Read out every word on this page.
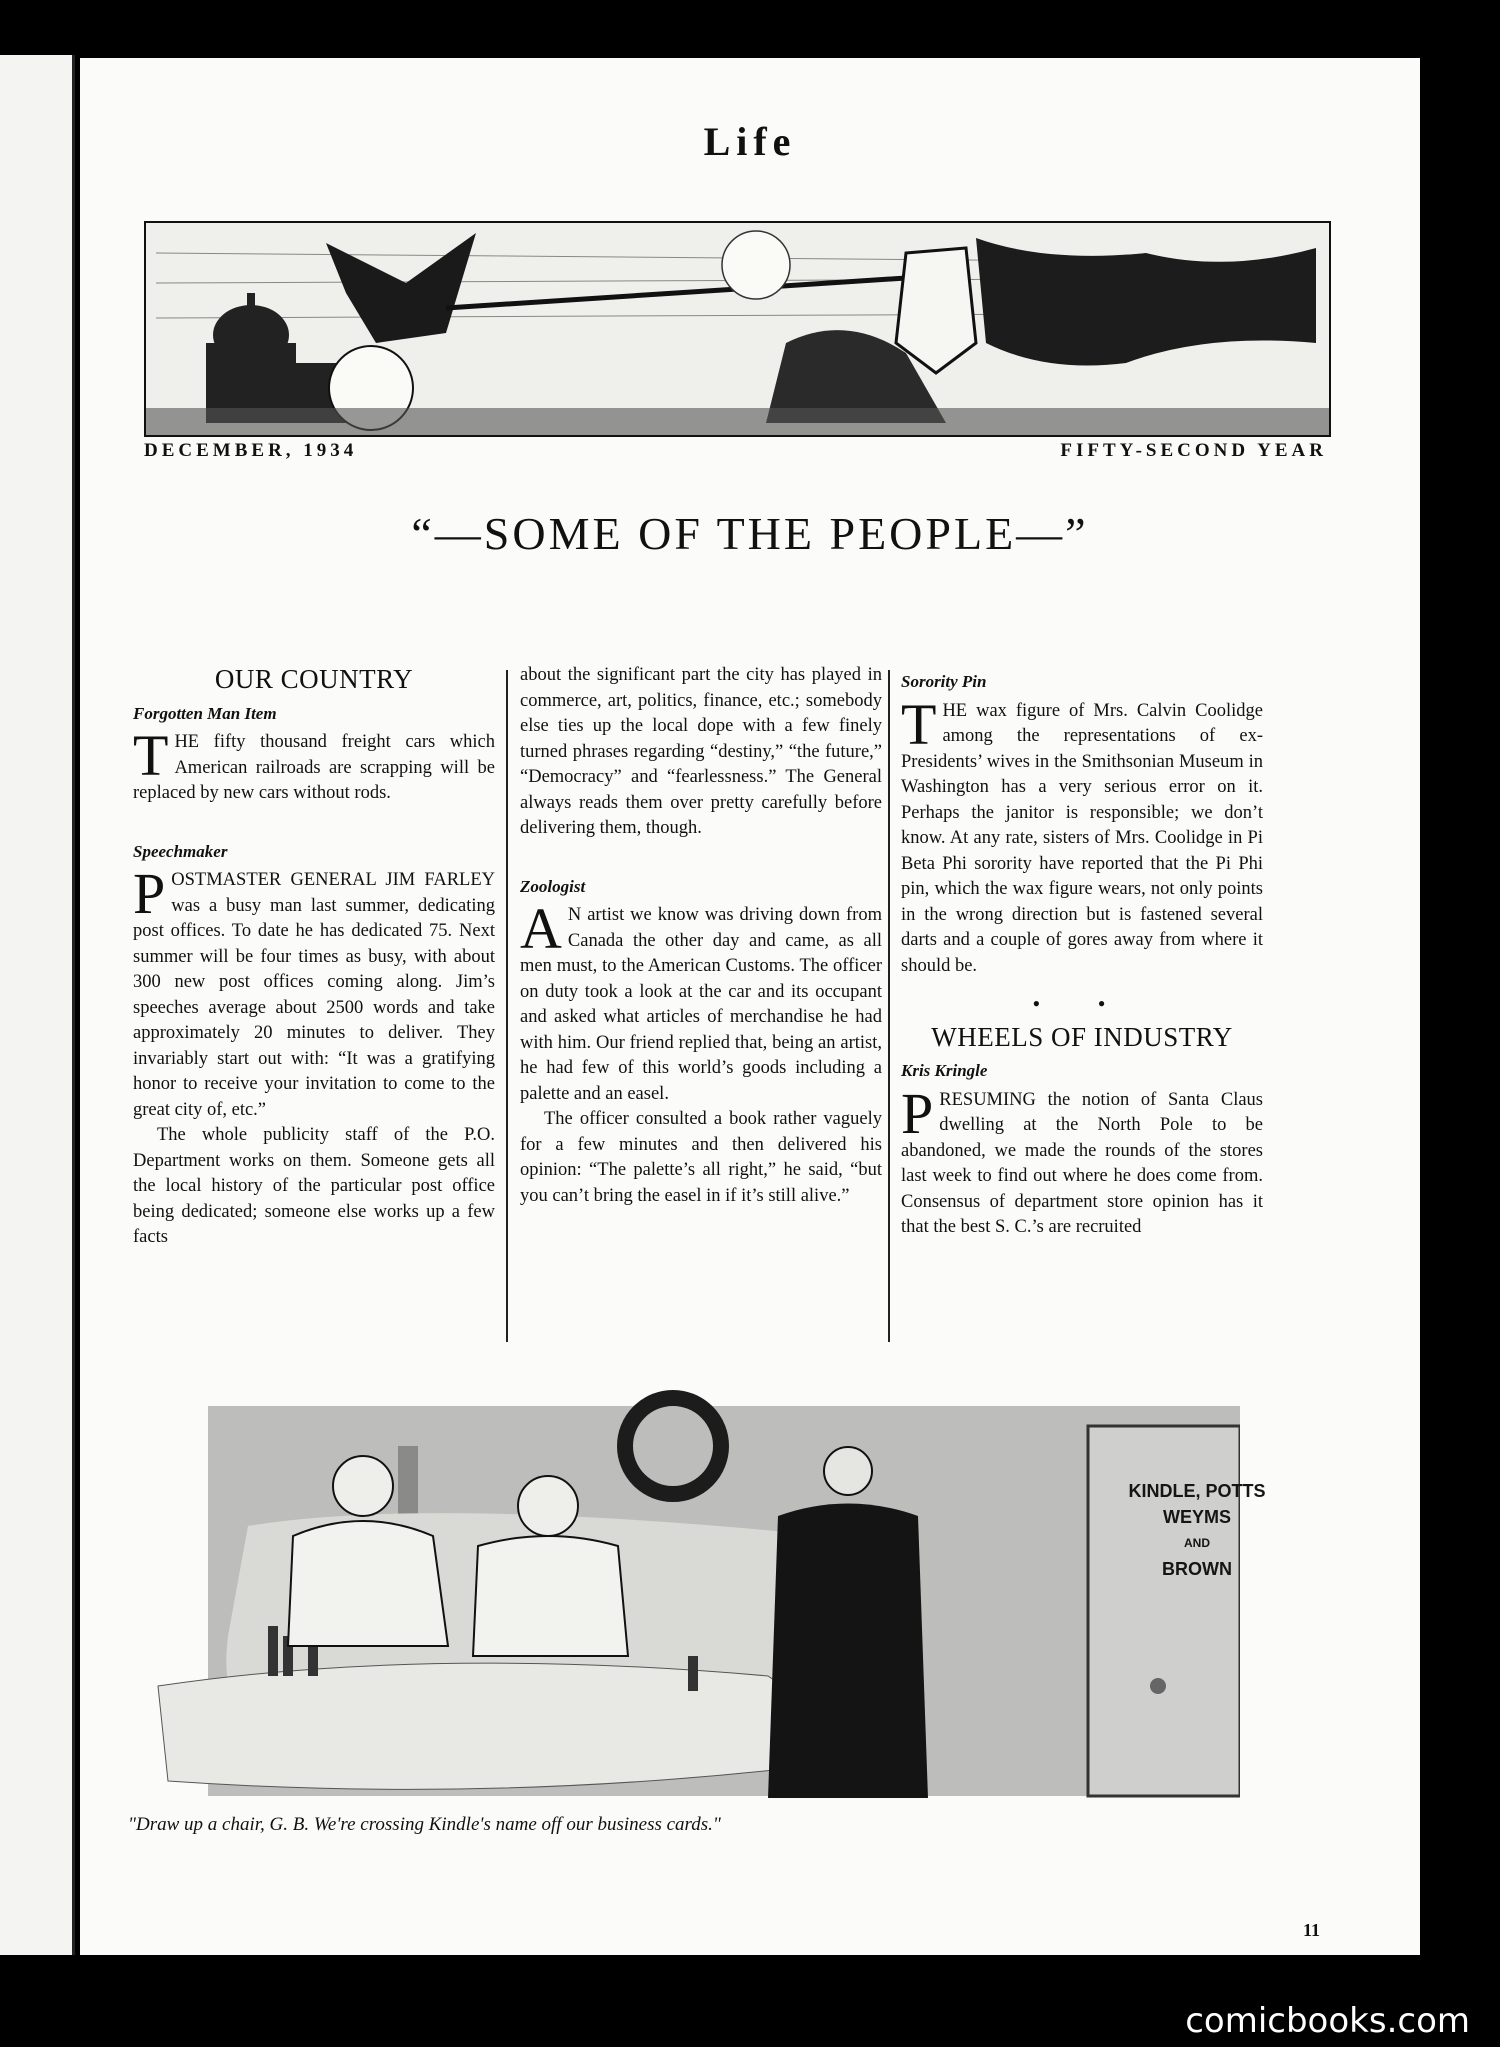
Life
DECEMBER, 1934	FIFTY-SECOND YEAR
“—SOME OF THE PEOPLE—”
OUR COUNTRY
Forgotten Man Item

THE fifty thousand freight cars which American railroads are scrapping will be replaced by new cars without rods.

Speechmaker

POSTMASTER GENERAL JIM FARLEY was a busy man last summer, dedicating post offices. To date he has dedicated 75. Next summer will be four times as busy, with about 300 new post offices coming along. Jim’s speeches average about 2500 words and take approximately 20 minutes to deliver. They invariably start out with: “It was a gratifying honor to receive your invitation to come to the great city of, etc.”

The whole publicity staff of the P.O. Department works on them. Someone gets all the local history of the particular post office being dedicated; someone else works up a few facts

about the significant part the city has played in commerce, art, politics, finance, etc.; somebody else ties up the local dope with a few finely turned phrases regarding “destiny,” “the future,” “Democracy” and “fearlessness.” The General always reads them over pretty carefully before delivering them, though.

Zoologist

A N artist we know was driving down from Canada the other day and came, as all men must, to the American Customs. The officer on duty took a look at the car and its occupant and asked what articles of merchandise he had with him. Our friend replied that, being an artist, he had few of this world’s goods including a palette and an easel.

The officer consulted a book rather vaguely for a few minutes and then delivered his opinion: “The palette’s all right,” he said, “but you can’t bring the easel in if it’s still alive.”

Sorority Pin

THE wax figure of Mrs. Calvin Coolidge among the representations of ex-Presidents’ wives in the Smithsonian Museum in Washington has a very serious error on it. Perhaps the janitor is responsible; we don’t know. At any rate, sisters of Mrs. Coolidge in Pi Beta Phi sorority have reported that the Pi Phi pin, which the wax figure wears, not only points in the wrong direction but is fastened several darts and a couple of gores away from where it should be.

• •
WHEELS OF INDUSTRY
Kris Kringle

PRESUMING the notion of Santa Claus dwelling at the North Pole to be abandoned, we made the rounds of the stores last week to find out where he does come from. Consensus of department store opinion has it that the best S. C.’s are recruited

KINDLE, POTTS
WEYMS
AND
BROWN
"Draw up a chair, G. B. We're crossing Kindle's name off our business cards."
11
comicbooks.com
